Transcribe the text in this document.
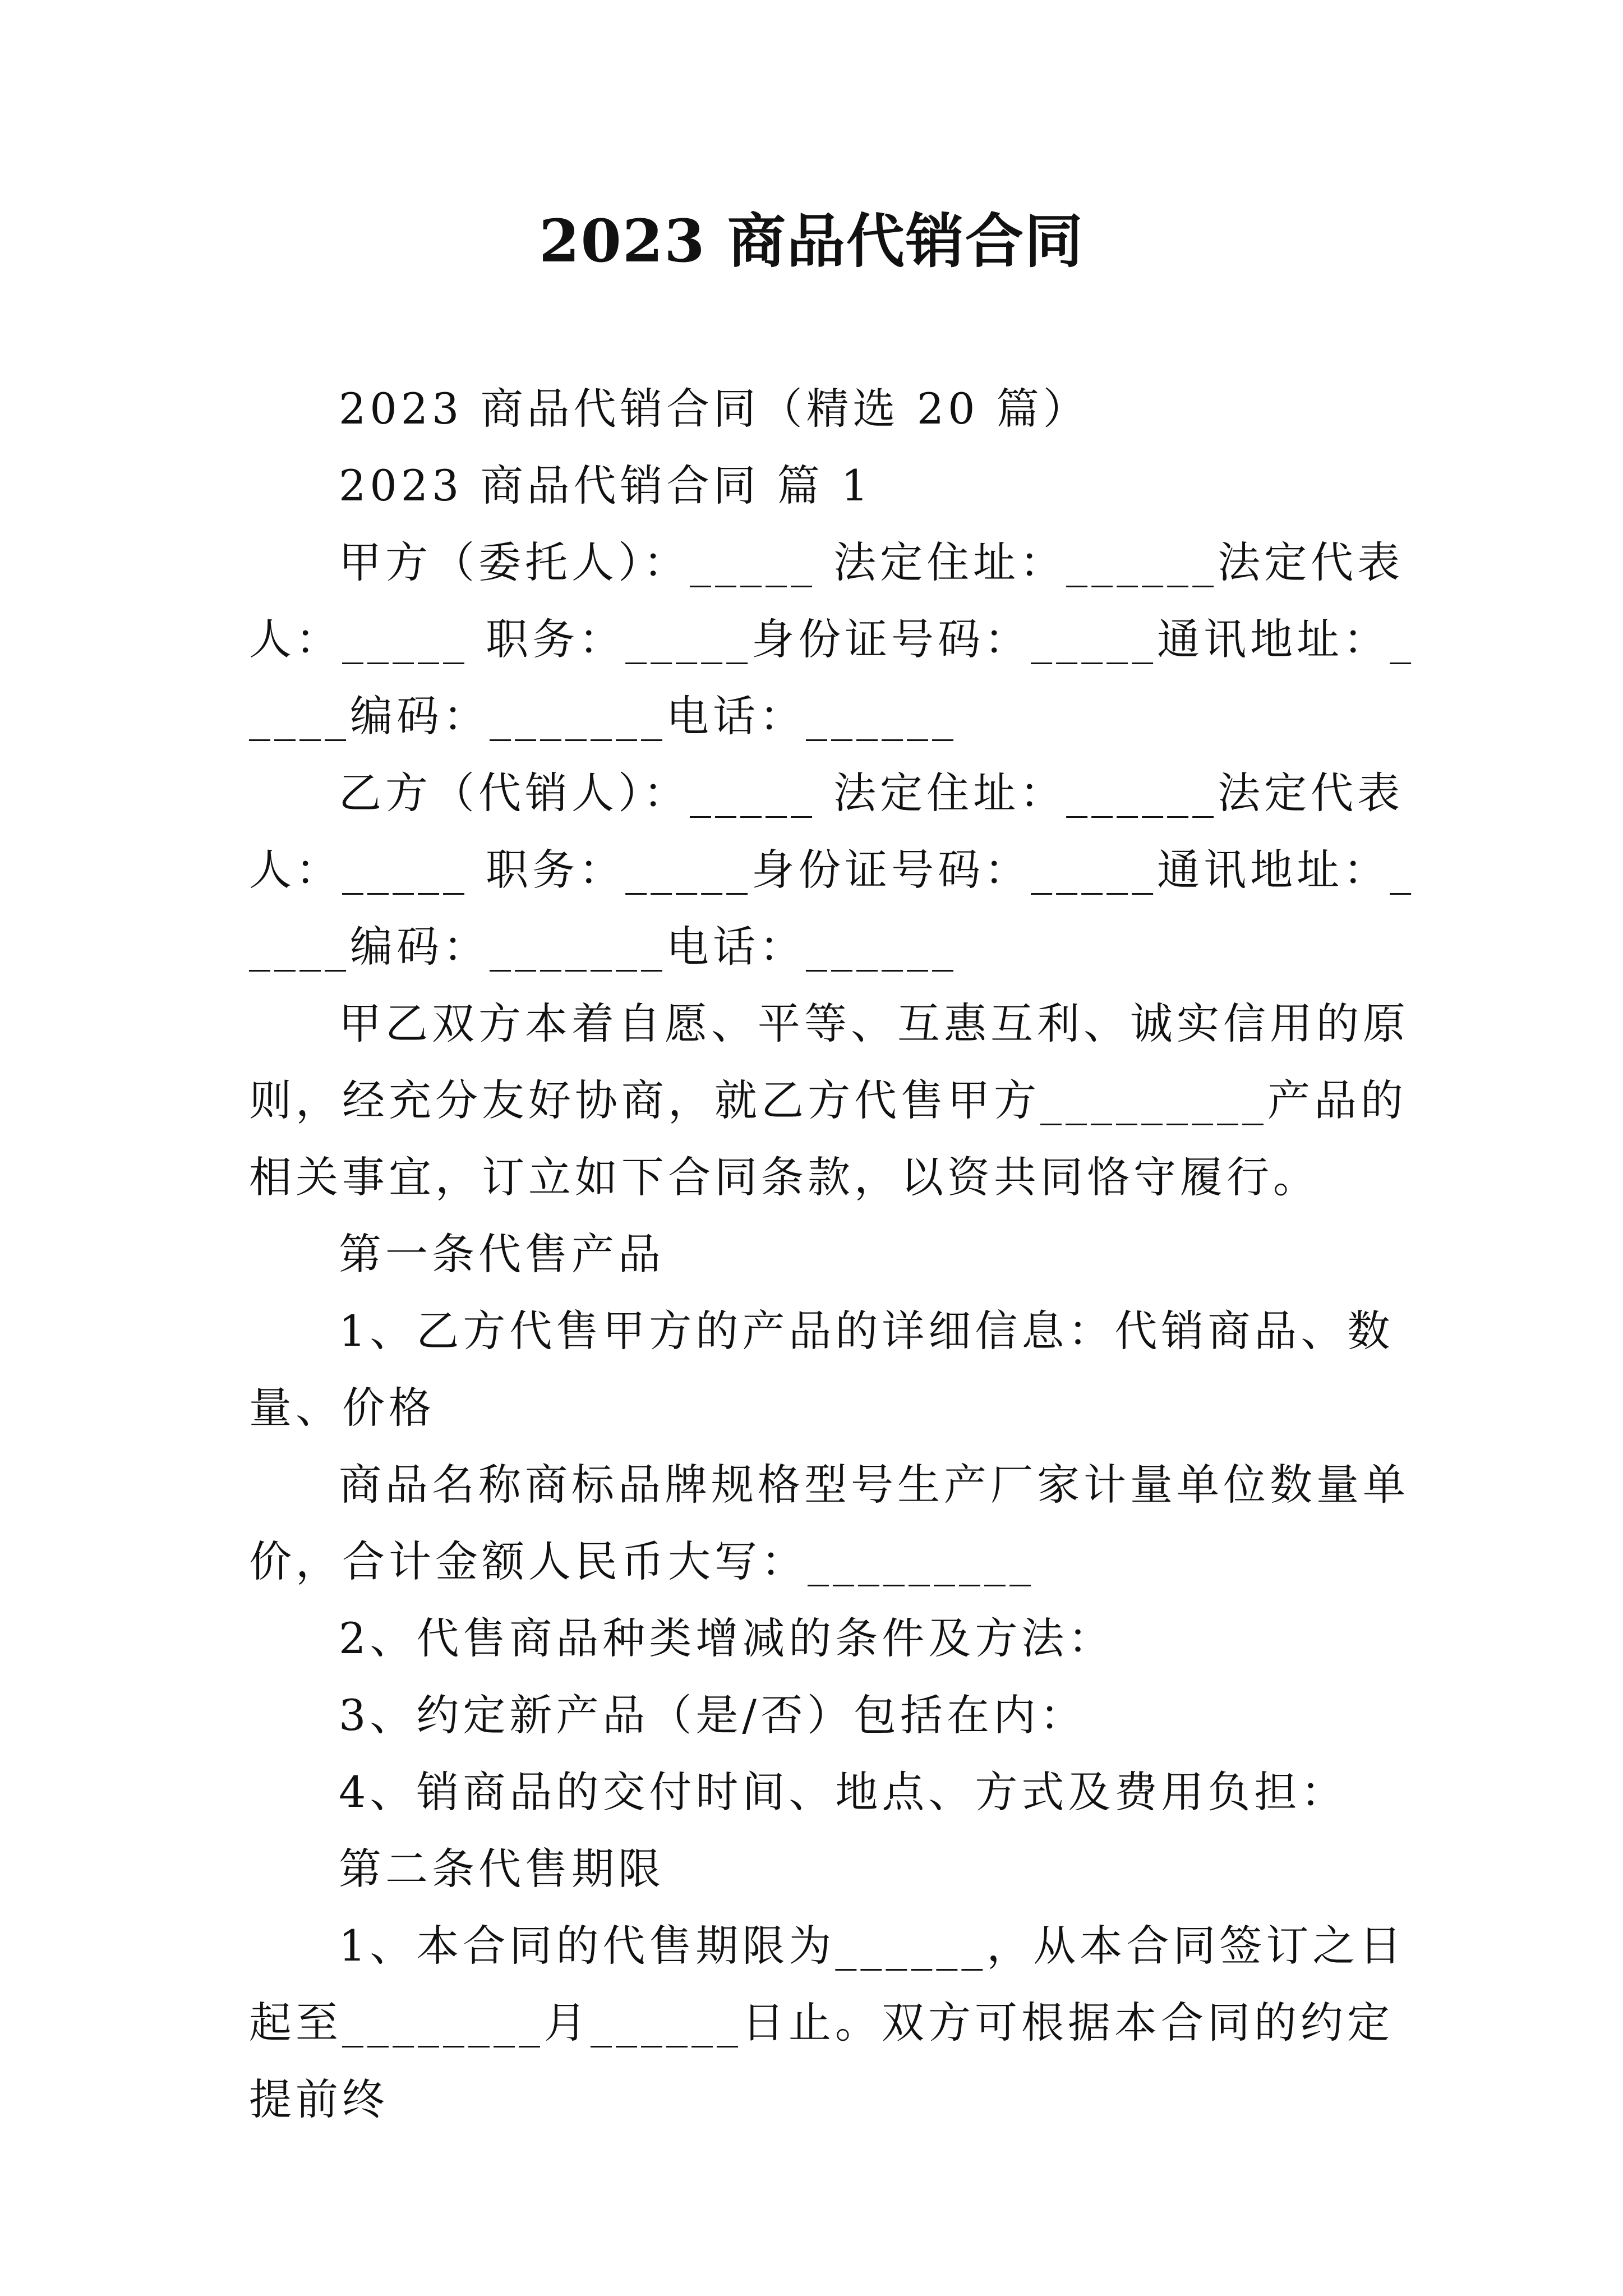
2023 商品代销合同

2023 商品代销合同（精选 20 篇）

2023 商品代销合同 篇 1

甲方（委托人）：_____ 法定住址：______法定代表人：_____ 职务：_____身份证号码：_____通讯地址：_____编码：_______电话：______

乙方（代销人）：_____ 法定住址：______法定代表人：_____ 职务：_____身份证号码：_____通讯地址：_____编码：_______电话：______

甲乙双方本着自愿、平等、互惠互利、诚实信用的原则，经充分友好协商，就乙方代售甲方_________产品的相关事宜，订立如下合同条款，以资共同恪守履行。

第一条代售产品

1、乙方代售甲方的产品的详细信息：代销商品、数量、价格

商品名称商标品牌规格型号生产厂家计量单位数量单价，合计金额人民币大写：_________

2、代售商品种类增减的条件及方法：

3、约定新产品（是/否）包括在内：

4、销商品的交付时间、地点、方式及费用负担：

第二条代售期限

1、本合同的代售期限为______，从本合同签订之日起至________月______日止。双方可根据本合同的约定提前终
